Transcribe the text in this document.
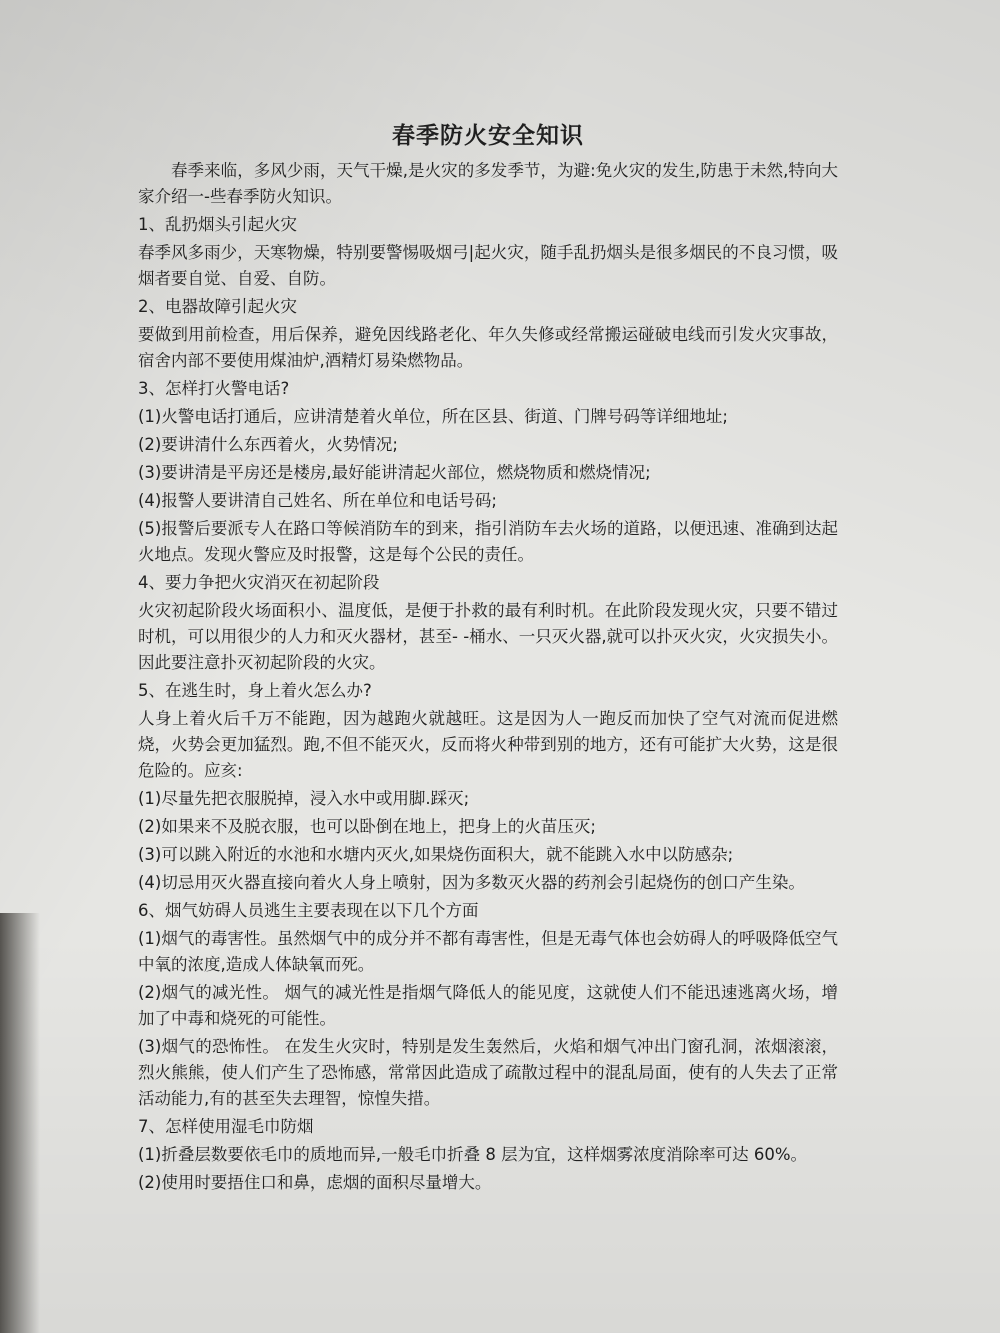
春季防火安全知识
春季来临，多风少雨，天气干燥,是火灾的多发季节，为避:免火灾的发生,防患于未然,特向大家介绍一-些春季防火知识。
1、乱扔烟头引起火灾
春季风多雨少，天寒物燥，特别要警惕吸烟弓|起火灾，随手乱扔烟头是很多烟民的不良习惯，吸烟者要自觉、自爱、自防。
2、电器故障引起火灾
要做到用前检查，用后保养，避免因线路老化、年久失修或经常搬运碰破电线而引发火灾事故，宿舍内部不要使用煤油炉,酒精灯易染燃物品。
3、怎样打火警电话?
(1)火警电话打通后，应讲清楚着火单位，所在区县、街道、门牌号码等详细地址;
(2)要讲清什么东西着火，火势情况;
(3)要讲清是平房还是楼房,最好能讲清起火部位，燃烧物质和燃烧情况;
(4)报警人要讲清自己姓名、所在单位和电话号码;
(5)报警后要派专人在路口等候消防车的到来，指引消防车去火场的道路，以便迅速、准确到达起火地点。发现火警应及时报警，这是每个公民的责任。
4、要力争把火灾消灭在初起阶段
火灾初起阶段火场面积小、温度低，是便于扑救的最有利时机。在此阶段发现火灾，只要不错过时机，可以用很少的人力和灭火器材，甚至- -桶水、一只灭火器,就可以扑灭火灾，火灾损失小。因此要注意扑灭初起阶段的火灾。
5、在逃生时，身上着火怎么办?
人身上着火后千万不能跑，因为越跑火就越旺。这是因为人一跑反而加快了空气对流而促进燃烧，火势会更加猛烈。跑,不但不能灭火，反而将火种带到别的地方，还有可能扩大火势，这是很危险的。应亥:
(1)尽量先把衣服脱掉，浸入水中或用脚.踩灭;
(2)如果来不及脱衣服，也可以卧倒在地上，把身上的火苗压灭;
(3)可以跳入附近的水池和水塘内灭火,如果烧伤面积大，就不能跳入水中以防感杂;
(4)切忌用灭火器直接向着火人身上喷射，因为多数灭火器的药剂会引起烧伤的创口产生染。
6、烟气妨碍人员逃生主要表现在以下几个方面
(1)烟气的毒害性。虽然烟气中的成分并不都有毒害性，但是无毒气体也会妨碍人的呼吸降低空气中氧的浓度,造成人体缺氧而死。
(2)烟气的减光性。 烟气的减光性是指烟气降低人的能见度，这就使人们不能迅速逃离火场，增加了中毒和烧死的可能性。
(3)烟气的恐怖性。 在发生火灾时，特别是发生轰然后，火焰和烟气冲出门窗孔洞，浓烟滚滚，烈火熊熊，使人们产生了恐怖感，常常因此造成了疏散过程中的混乱局面，使有的人失去了正常活动能力,有的甚至失去理智，惊惶失措。
7、怎样使用湿毛巾防烟
(1)折叠层数要依毛巾的质地而异,一般毛巾折叠 8 层为宜，这样烟雾浓度消除率可达 60%。
(2)使用时要捂住口和鼻，虑烟的面积尽量增大。
